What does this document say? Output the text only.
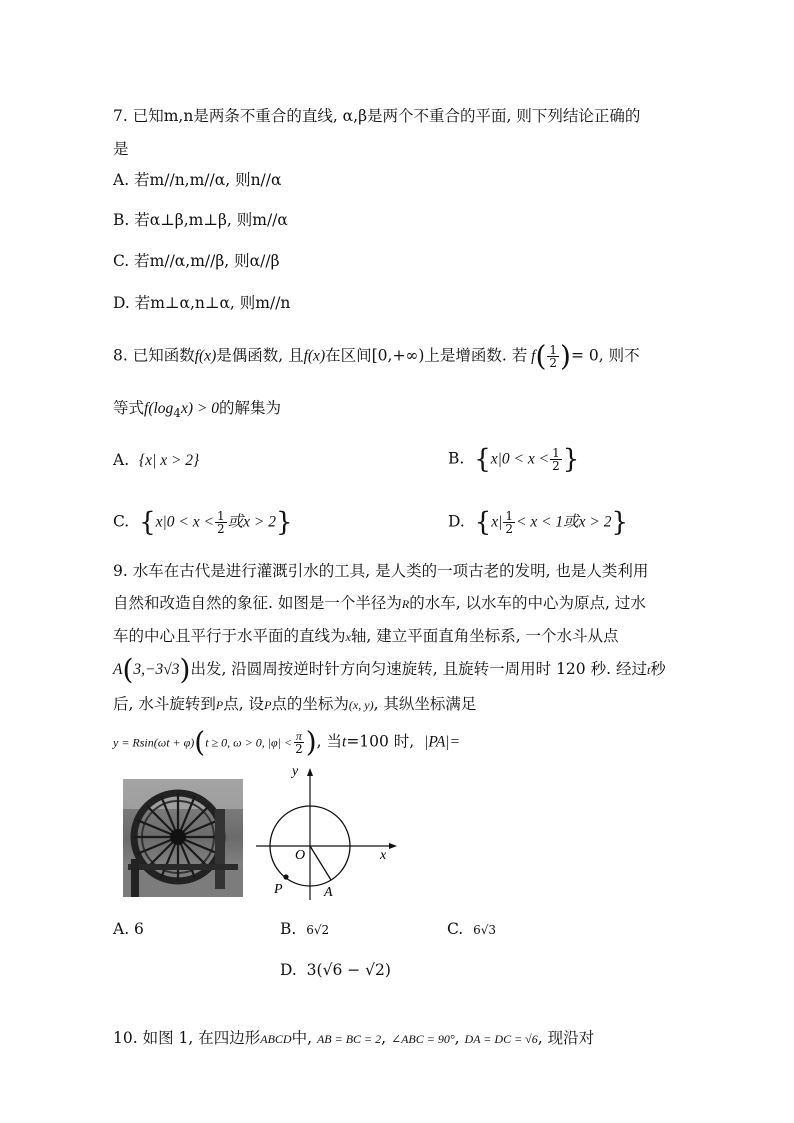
7. 已知m,n是两条不重合的直线, α,β是两个不重合的平面, 则下列结论正确的
是
A. 若m//n,m//α, 则n//α
B. 若α⊥β,m⊥β, 则m//α
C. 若m//α,m//β, 则α//β
D. 若m⊥α,n⊥α, 则m//n
8. 已知函数f(x)是偶函数, 且f(x)在区间[0,+∞)上是增函数. 若 $f( \frac{1}{2}$ )= 0, 则不
等式$f(\log_4x) > 0$的解集为
A. {x| x > 2}	B. {$x|0 < x < \frac{1}{2}$ }
C. {$x|0 < x < \frac{1}{2}$ 或x > 2}	D. {$x| \frac{1}{2} < x < 1$或x > 2}
9. 水车在古代是进行灌溉引水的工具, 是人类的一项古老的发明, 也是人类利用
自然和改造自然的象征. 如图是一个半径为R的水车, 以水车的中心为原点, 过水
车的中心且平行于水平面的直线为x轴, 建立平面直角坐标系, 一个水斗从点
A(3,−3√3)出发, 沿圆周按逆时针方向匀速旋转, 且旋转一周用时 120 秒. 经过t秒
后, 水斗旋转到P点, 设P点的坐标为(x, y), 其纵坐标满足
y = Rsin(ωt + φ)(t ≥ 0, ω > 0, $|\varphi| < \frac{\pi}{2}$ ), 当t=100 时, |PA|=
y
x
O
P	A
A. 6	B. 6√2	C. 6√3
D. 3(√6 − √2)
10. 如图 1, 在四边形ABCD中, AB = BC = 2, ∠ABC = 90°, DA = DC = √6, 现沿对
